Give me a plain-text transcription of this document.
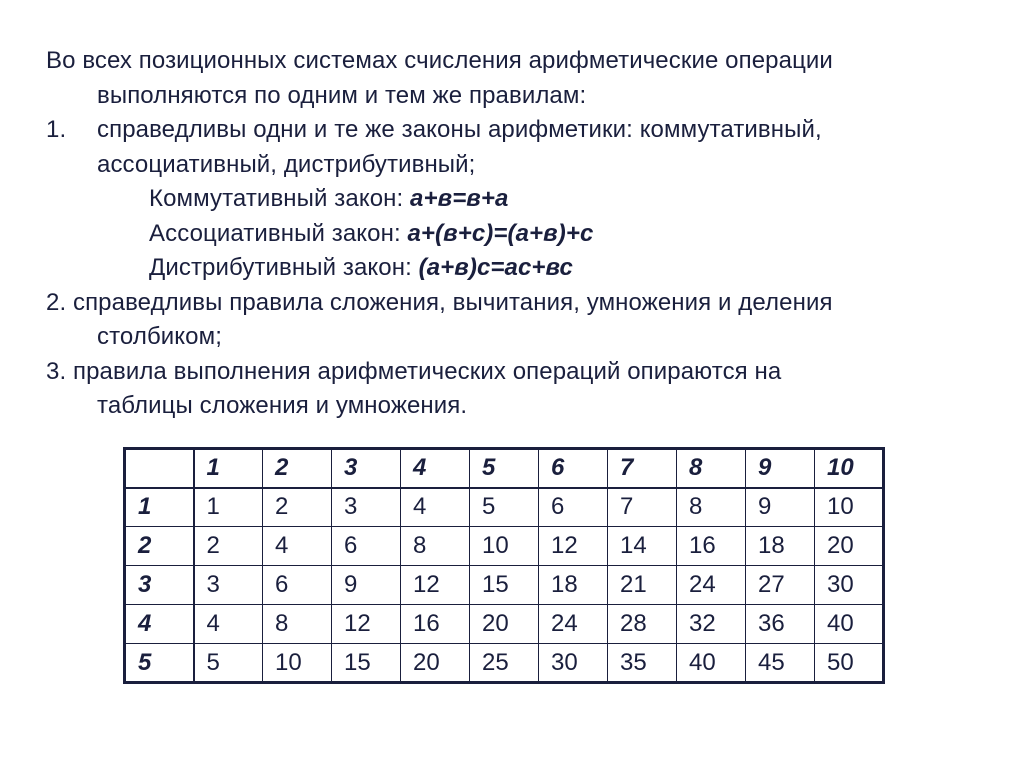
Во всех позиционных системах счисления арифметические операции
выполняются по одним и тем же правилам:
1. справедливы одни и те же законы арифметики: коммутативный,
ассоциативный, дистрибутивный;
Коммутативный закон: а+в=в+а
Ассоциативный закон: а+(в+с)=(а+в)+с
Дистрибутивный закон: (а+в)с=ас+вс
2. справедливы правила сложения, вычитания, умножения и деления
столбиком;
3. правила выполнения арифметических операций опираются на
таблицы сложения и умножения.
	1	2	3	4	5	6	7	8	9	10
1	1	2	3	4	5	6	7	8	9	10
2	2	4	6	8	10	12	14	16	18	20
3	3	6	9	12	15	18	21	24	27	30
4	4	8	12	16	20	24	28	32	36	40
5	5	10	15	20	25	30	35	40	45	50
